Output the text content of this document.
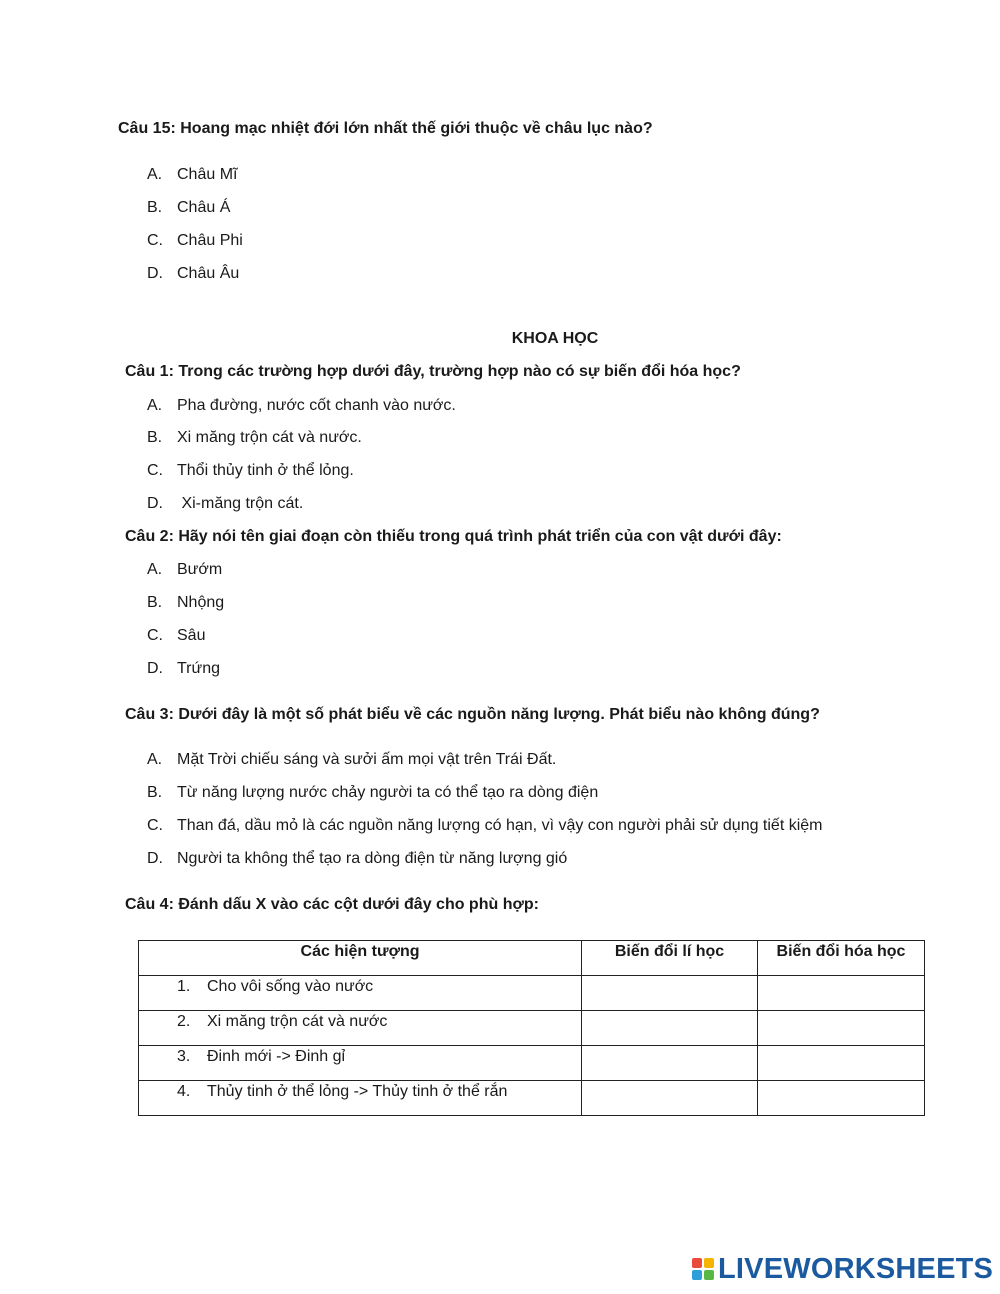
Câu 15: Hoang mạc nhiệt đới lớn nhất thế giới thuộc về châu lục nào?
A. Châu Mĩ
B. Châu Á
C. Châu Phi
D. Châu Âu
KHOA HỌC
Câu 1: Trong các trường hợp dưới đây, trường hợp nào có sự biến đổi hóa học?
A. Pha đường, nước cốt chanh vào nước.
B. Xi măng trộn cát và nước.
C. Thổi thủy tinh ở thể lỏng.
D. Xi-măng trộn cát.
Câu 2: Hãy nói tên giai đoạn còn thiếu trong quá trình phát triển của con vật dưới đây:
A. Bướm
B. Nhộng
C. Sâu
D. Trứng
Câu 3: Dưới đây là một số phát biểu về các nguồn năng lượng. Phát biểu nào không đúng?
A. Mặt Trời chiếu sáng và sưởi ấm mọi vật trên Trái Đất.
B. Từ năng lượng nước chảy người ta có thể tạo ra dòng điện
C. Than đá, dầu mỏ là các nguồn năng lượng có hạn, vì vậy con người phải sử dụng tiết kiệm
D. Người ta không thể tạo ra dòng điện từ năng lượng gió
Câu 4: Đánh dấu X vào các cột dưới đây cho phù hợp:
Các hiện tượng	Biến đổi lí học	Biến đổi hóa học
1. Cho vôi sống vào nước		
2. Xi măng trộn cát và nước		
3. Đinh mới -> Đinh gỉ		
4. Thủy tinh ở thể lỏng -> Thủy tinh ở thể rắn		
LIVEWORKSHEETS
